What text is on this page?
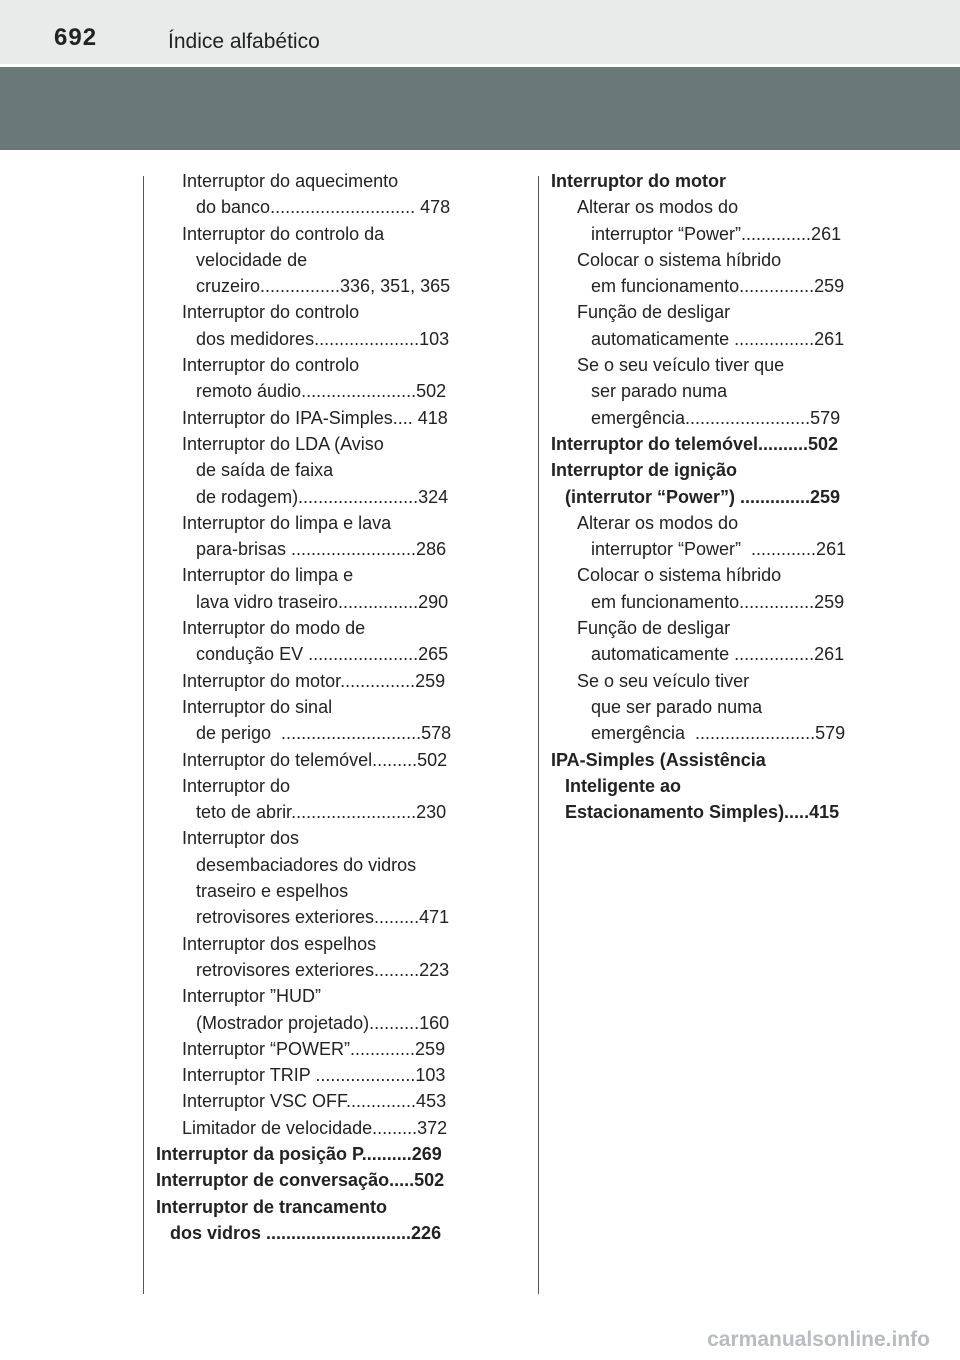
692	Índice alfabético
Interruptor do aquecimento
do banco............................. 478
Interruptor do controlo da
velocidade de
cruzeiro................336, 351, 365
Interruptor do controlo
dos medidores.....................103
Interruptor do controlo
remoto áudio.......................502
Interruptor do IPA-Simples.... 418
Interruptor do LDA (Aviso
de saída de faixa
de rodagem)........................324
Interruptor do limpa e lava
para-brisas .........................286
Interruptor do limpa e
lava vidro traseiro................290
Interruptor do modo de
condução EV ......................265
Interruptor do motor...............259
Interruptor do sinal
de perigo  ............................578
Interruptor do telemóvel.........502
Interruptor do
teto de abrir.........................230
Interruptor dos
desembaciadores do vidros
traseiro e espelhos
retrovisores exteriores.........471
Interruptor dos espelhos
retrovisores exteriores.........223
Interruptor ”HUD”
(Mostrador projetado)..........160
Interruptor “POWER”.............259
Interruptor TRIP ....................103
Interruptor VSC OFF..............453
Limitador de velocidade.........372
Interruptor da posição P..........269
Interruptor de conversação.....502
Interruptor de trancamento
dos vidros .............................226
Interruptor do motor
Alterar os modos do
interruptor “Power”..............261
Colocar o sistema híbrido
em funcionamento...............259
Função de desligar
automaticamente ................261
Se o seu veículo tiver que
ser parado numa
emergência.........................579
Interruptor do telemóvel..........502
Interruptor de ignição
(interrutor “Power”) ..............259
Alterar os modos do
interruptor “Power”  .............261
Colocar o sistema híbrido
em funcionamento...............259
Função de desligar
automaticamente ................261
Se o seu veículo tiver
que ser parado numa
emergência  ........................579
IPA-Simples (Assistência
Inteligente ao
Estacionamento Simples).....415
carmanualsonline.info
